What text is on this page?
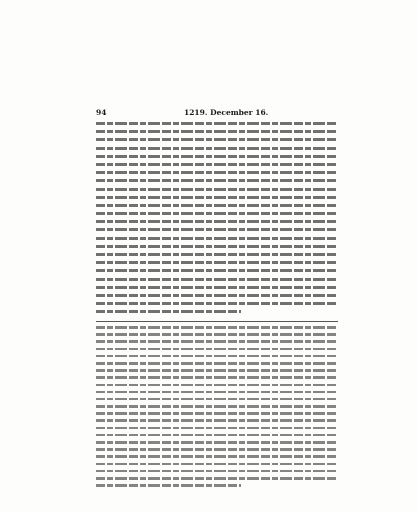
94	1219. December 16.
